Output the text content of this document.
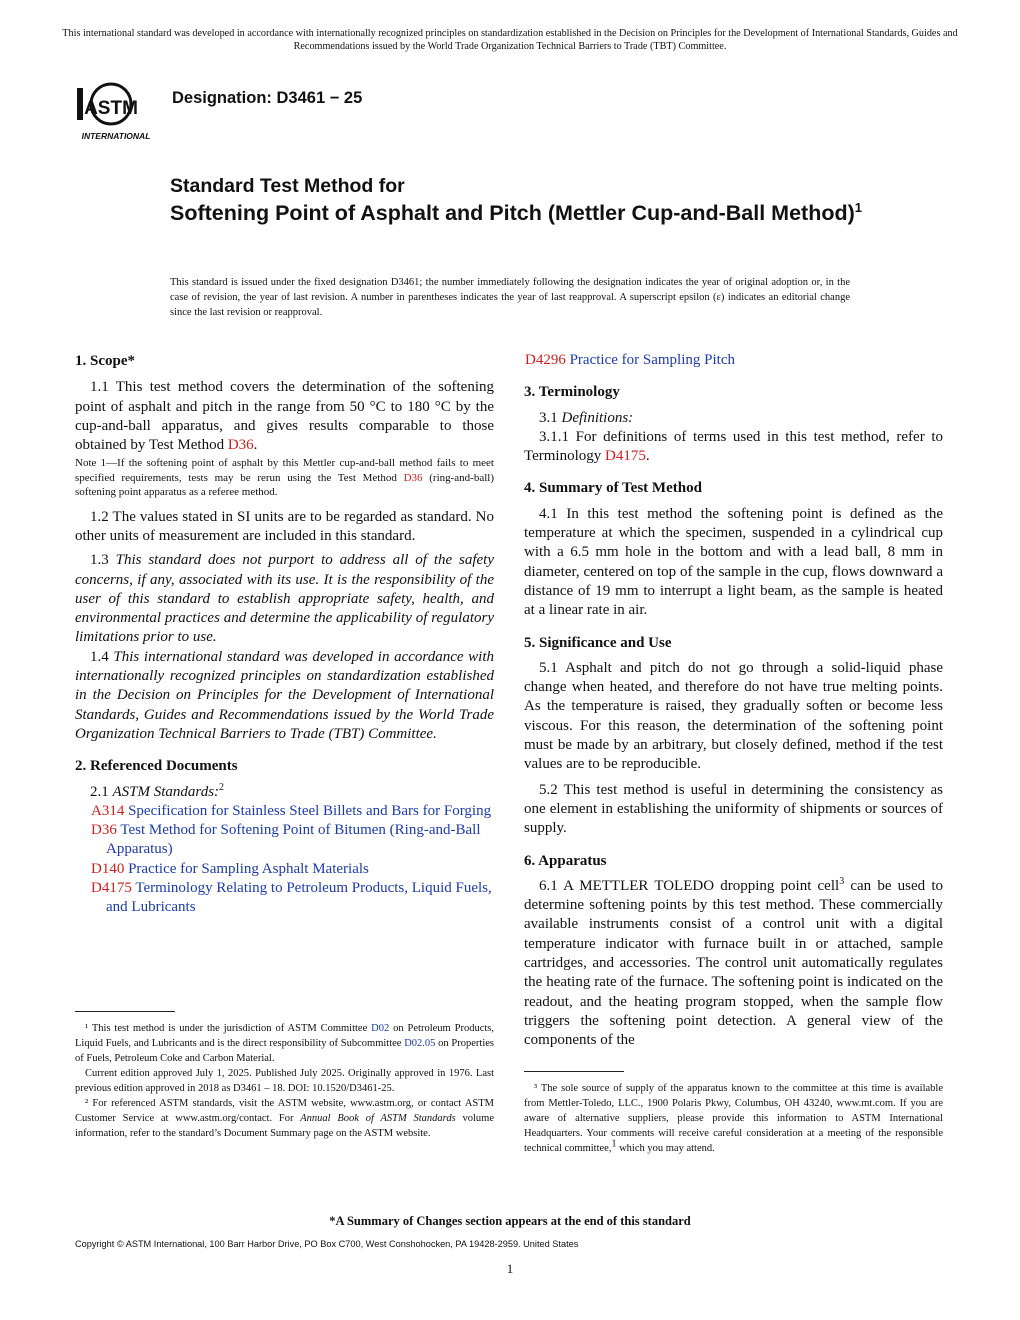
This international standard was developed in accordance with internationally recognized principles on standardization established in the Decision on Principles for the Development of International Standards, Guides and Recommendations issued by the World Trade Organization Technical Barriers to Trade (TBT) Committee.
ASTM
INTERNATIONAL
Designation: D3461 − 25
Standard Test Method for
Softening Point of Asphalt and Pitch (Mettler Cup-and-Ball Method)$^1$
This standard is issued under the fixed designation D3461; the number immediately following the designation indicates the year of original adoption or, in the case of revision, the year of last revision. A number in parentheses indicates the year of last reapproval. A superscript epsilon (ε) indicates an editorial change since the last revision or reapproval.

1. Scope*

1.1 This test method covers the determination of the softening point of asphalt and pitch in the range from 50 °C to 180 °C by the cup-and-ball apparatus, and gives results comparable to those obtained by Test Method D36.

Note 1—If the softening point of asphalt by this Mettler cup-and-ball method fails to meet specified requirements, tests may be rerun using the Test Method D36 (ring-and-ball) softening point apparatus as a referee method.

1.2 The values stated in SI units are to be regarded as standard. No other units of measurement are included in this standard.

1.3 This standard does not purport to address all of the safety concerns, if any, associated with its use. It is the responsibility of the user of this standard to establish appropriate safety, health, and environmental practices and determine the applicability of regulatory limitations prior to use.

1.4 This international standard was developed in accordance with internationally recognized principles on standardization established in the Decision on Principles for the Development of International Standards, Guides and Recommendations issued by the World Trade Organization Technical Barriers to Trade (TBT) Committee.

2. Referenced Documents

2.1 ASTM Standards:$^2$

A314 Specification for Stainless Steel Billets and Bars for Forging

D36 Test Method for Softening Point of Bitumen (Ring-and-Ball Apparatus)

D140 Practice for Sampling Asphalt Materials

D4175 Terminology Relating to Petroleum Products, Liquid Fuels, and Lubricants

¹ This test method is under the jurisdiction of ASTM Committee D02 on Petroleum Products, Liquid Fuels, and Lubricants and is the direct responsibility of Subcommittee D02.05 on Properties of Fuels, Petroleum Coke and Carbon Material.

Current edition approved July 1, 2025. Published July 2025. Originally approved in 1976. Last previous edition approved in 2018 as D3461 – 18. DOI: 10.1520/D3461-25.

² For referenced ASTM standards, visit the ASTM website, www.astm.org, or contact ASTM Customer Service at www.astm.org/contact. For Annual Book of ASTM Standards volume information, refer to the standard’s Document Summary page on the ASTM website.

D4296 Practice for Sampling Pitch

3. Terminology

3.1 Definitions:

3.1.1 For definitions of terms used in this test method, refer to Terminology D4175.

4. Summary of Test Method

4.1 In this test method the softening point is defined as the temperature at which the specimen, suspended in a cylindrical cup with a 6.5 mm hole in the bottom and with a lead ball, 8 mm in diameter, centered on top of the sample in the cup, flows downward a distance of 19 mm to interrupt a light beam, as the sample is heated at a linear rate in air.

5. Significance and Use

5.1 Asphalt and pitch do not go through a solid-liquid phase change when heated, and therefore do not have true melting points. As the temperature is raised, they gradually soften or become less viscous. For this reason, the determination of the softening point must be made by an arbitrary, but closely defined, method if the test values are to be reproducible.

5.2 This test method is useful in determining the consistency as one element in establishing the uniformity of shipments or sources of supply.

6. Apparatus

6.1 A METTLER TOLEDO dropping point cell$^3$ can be used to determine softening points by this test method. These commercially available instruments consist of a control unit with a digital temperature indicator with furnace built in or attached, sample cartridges, and accessories. The control unit automatically regulates the heating rate of the furnace. The softening point is indicated on the readout, and the heating program stopped, when the sample flow triggers the softening point detection. A general view of the components of the

³ The sole source of supply of the apparatus known to the committee at this time is available from Mettler-Toledo, LLC., 1900 Polaris Pkwy, Columbus, OH 43240, www.mt.com. If you are aware of alternative suppliers, please provide this information to ASTM International Headquarters. Your comments will receive careful consideration at a meeting of the responsible technical committee,$^1$ which you may attend.

*A Summary of Changes section appears at the end of this standard
Copyright © ASTM International, 100 Barr Harbor Drive, PO Box C700, West Conshohocken, PA 19428-2959. United States
1
